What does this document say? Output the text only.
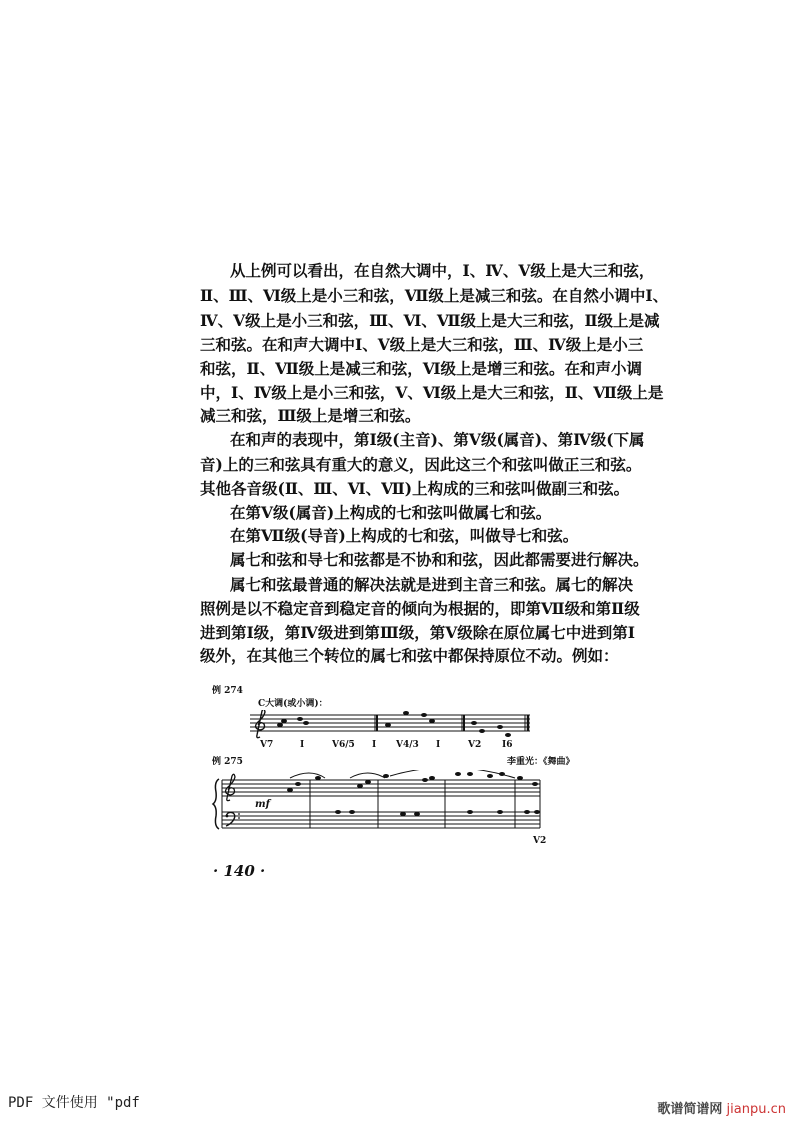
从上例可以看出，在自然大调中，Ⅰ、Ⅳ、Ⅴ级上是大三和弦，
Ⅱ、Ⅲ、Ⅵ级上是小三和弦，Ⅶ级上是减三和弦。在自然小调中Ⅰ、
Ⅳ、Ⅴ级上是小三和弦，Ⅲ、Ⅵ、Ⅶ级上是大三和弦，Ⅱ级上是减
三和弦。在和声大调中Ⅰ、Ⅴ级上是大三和弦，Ⅲ、Ⅳ级上是小三
和弦，Ⅱ、Ⅶ级上是减三和弦，Ⅵ级上是增三和弦。在和声小调
中，Ⅰ、Ⅳ级上是小三和弦，Ⅴ、Ⅵ级上是大三和弦，Ⅱ、Ⅶ级上是
减三和弦，Ⅲ级上是增三和弦。
在和声的表现中，第Ⅰ级(主音)、第Ⅴ级(属音)、第Ⅳ级(下属
音)上的三和弦具有重大的意义，因此这三个和弦叫做正三和弦。
其他各音级(Ⅱ、Ⅲ、Ⅵ、Ⅶ)上构成的三和弦叫做副三和弦。
在第Ⅴ级(属音)上构成的七和弦叫做属七和弦。
在第Ⅶ级(导音)上构成的七和弦，叫做导七和弦。
属七和弦和导七和弦都是不协和和弦，因此都需要进行解决。
属七和弦最普通的解决法就是进到主音三和弦。属七的解决
照例是以不稳定音到稳定音的倾向为根据的，即第Ⅶ级和第Ⅱ级
进到第Ⅰ级，第Ⅳ级进到第Ⅲ级，第Ⅴ级除在原位属七中进到第Ⅰ
级外，在其他三个转位的属七和弦中都保持原位不动。例如：
例 274
C大调(或小调)：
Ⅴ7	Ⅰ	Ⅴ6/5 Ⅰ Ⅴ4/3 Ⅰ	Ⅴ2 Ⅰ6
例 275	李重光：《舞曲》
mf
Ⅴ2
· 140 ·
PDF 文件使用 "pdf	歌谱简谱网 jianpu.cn
